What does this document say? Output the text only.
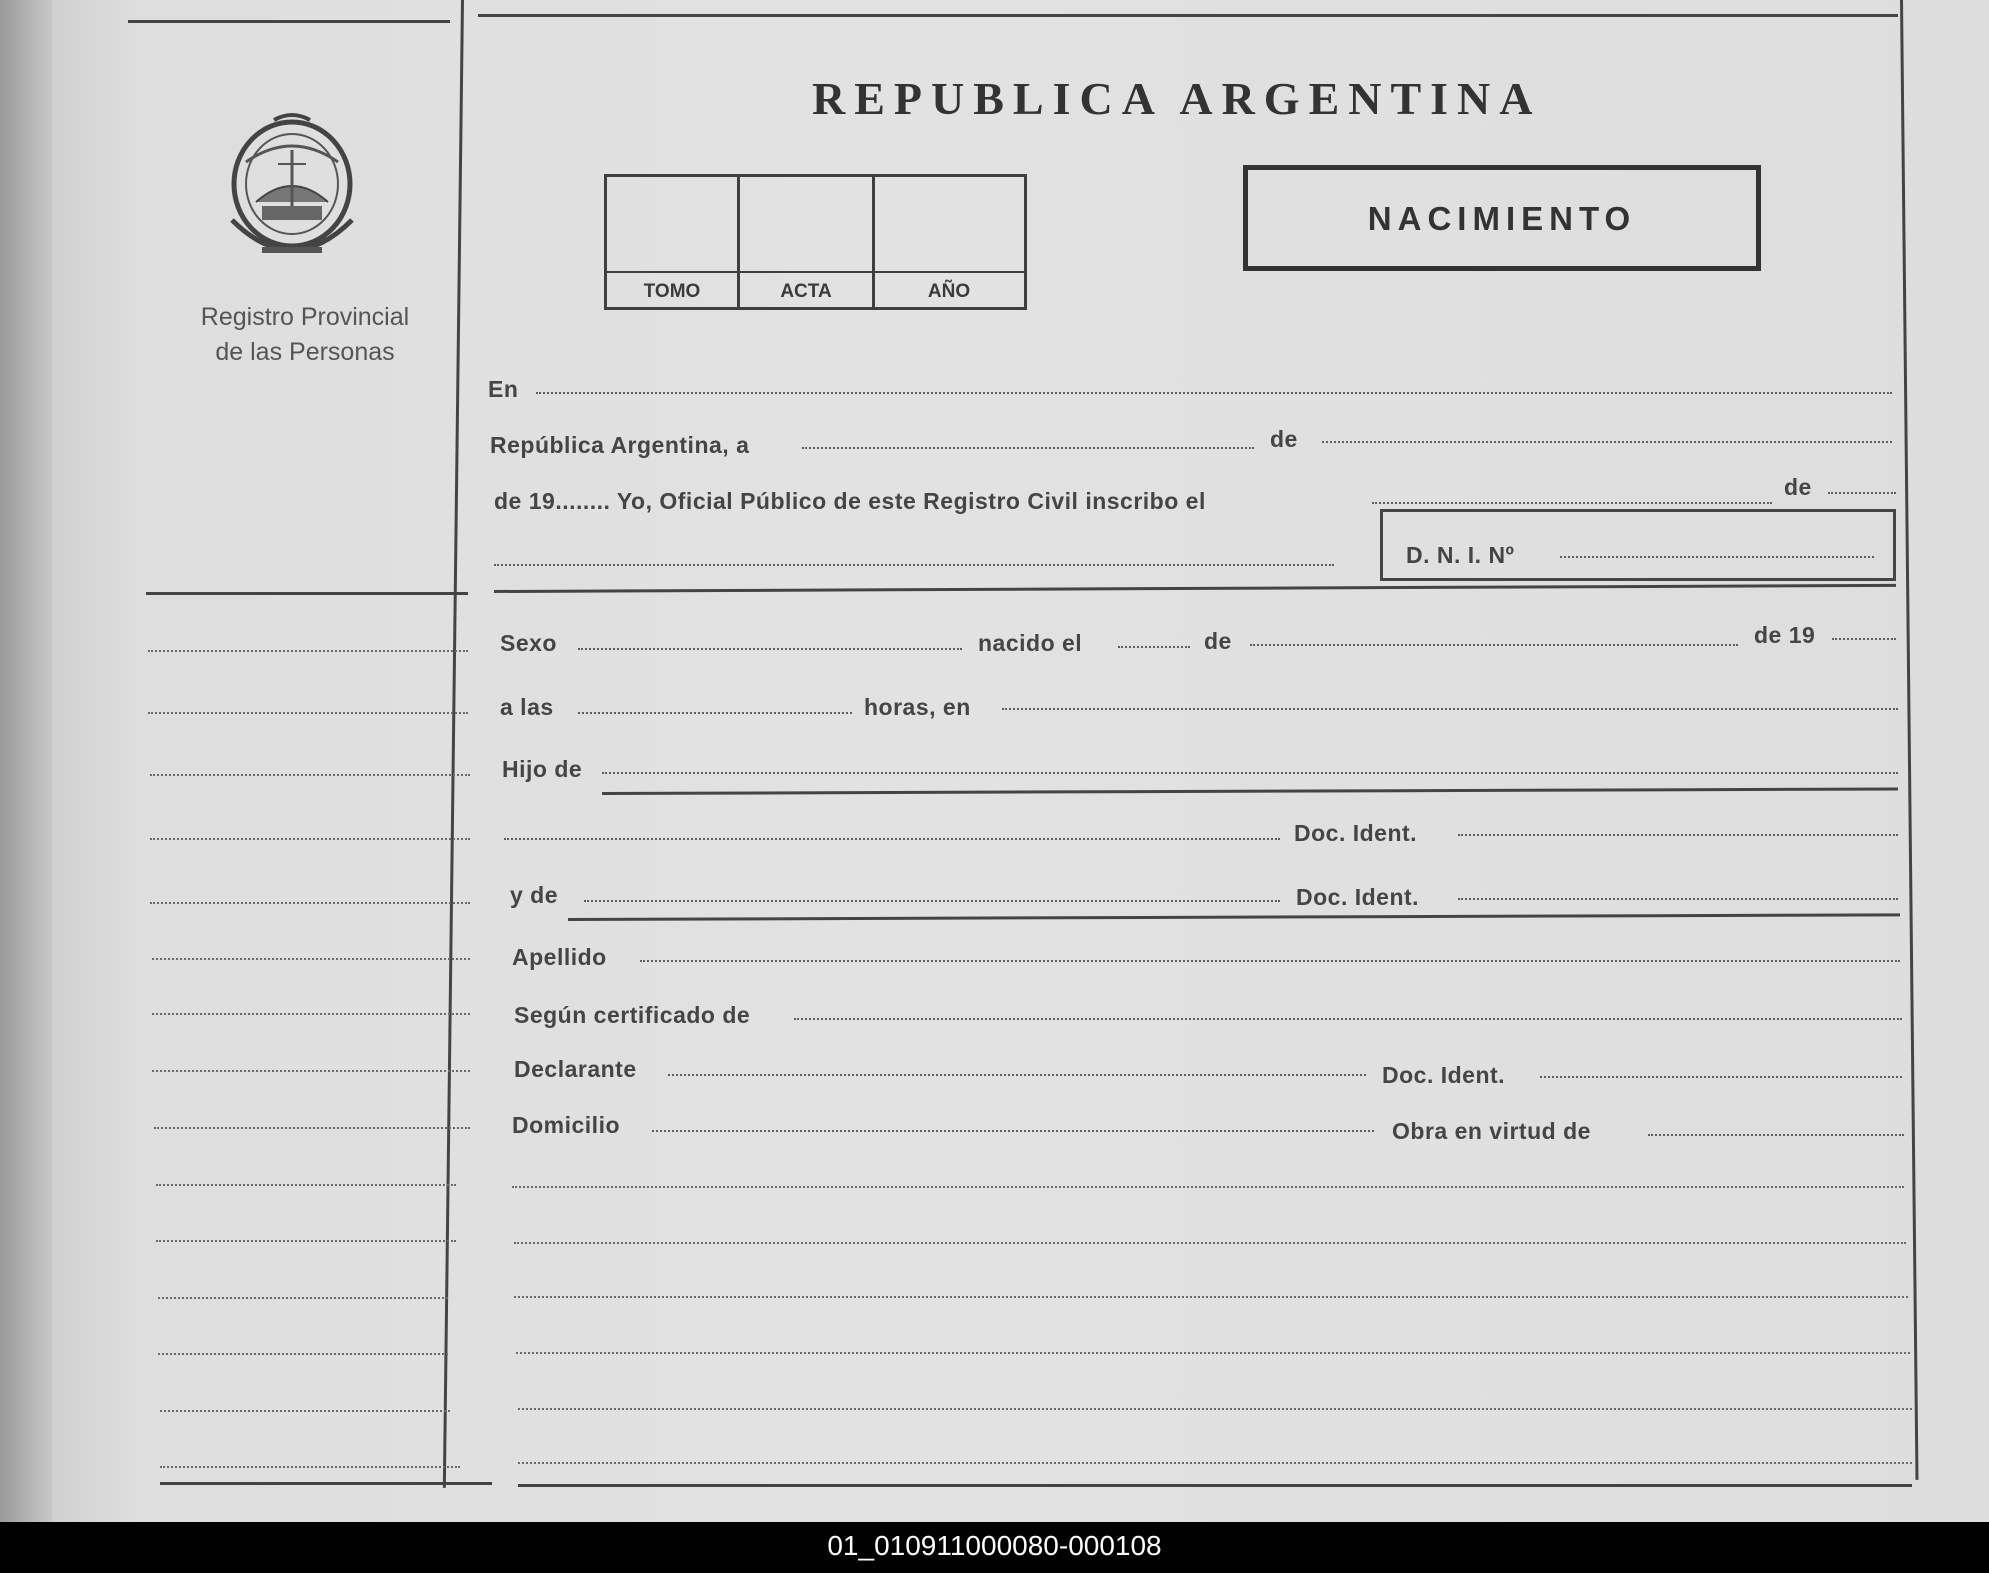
Registro Provincial
de las Personas
REPUBLICA ARGENTINA
TOMO	ACTA	AÑO
NACIMIENTO
En
República Argentina, a	de
de 19........ Yo, Oficial Público de este Registro Civil inscribo el
de
D. N. I. Nº
Sexo	nacido el	de	de 19
a las	horas, en
Hijo de
Doc. Ident.
y de	Doc. Ident.
Apellido
Según certificado de
Declarante	Doc. Ident.
Domicilio	Obra en virtud de
01_010911000080-000108
